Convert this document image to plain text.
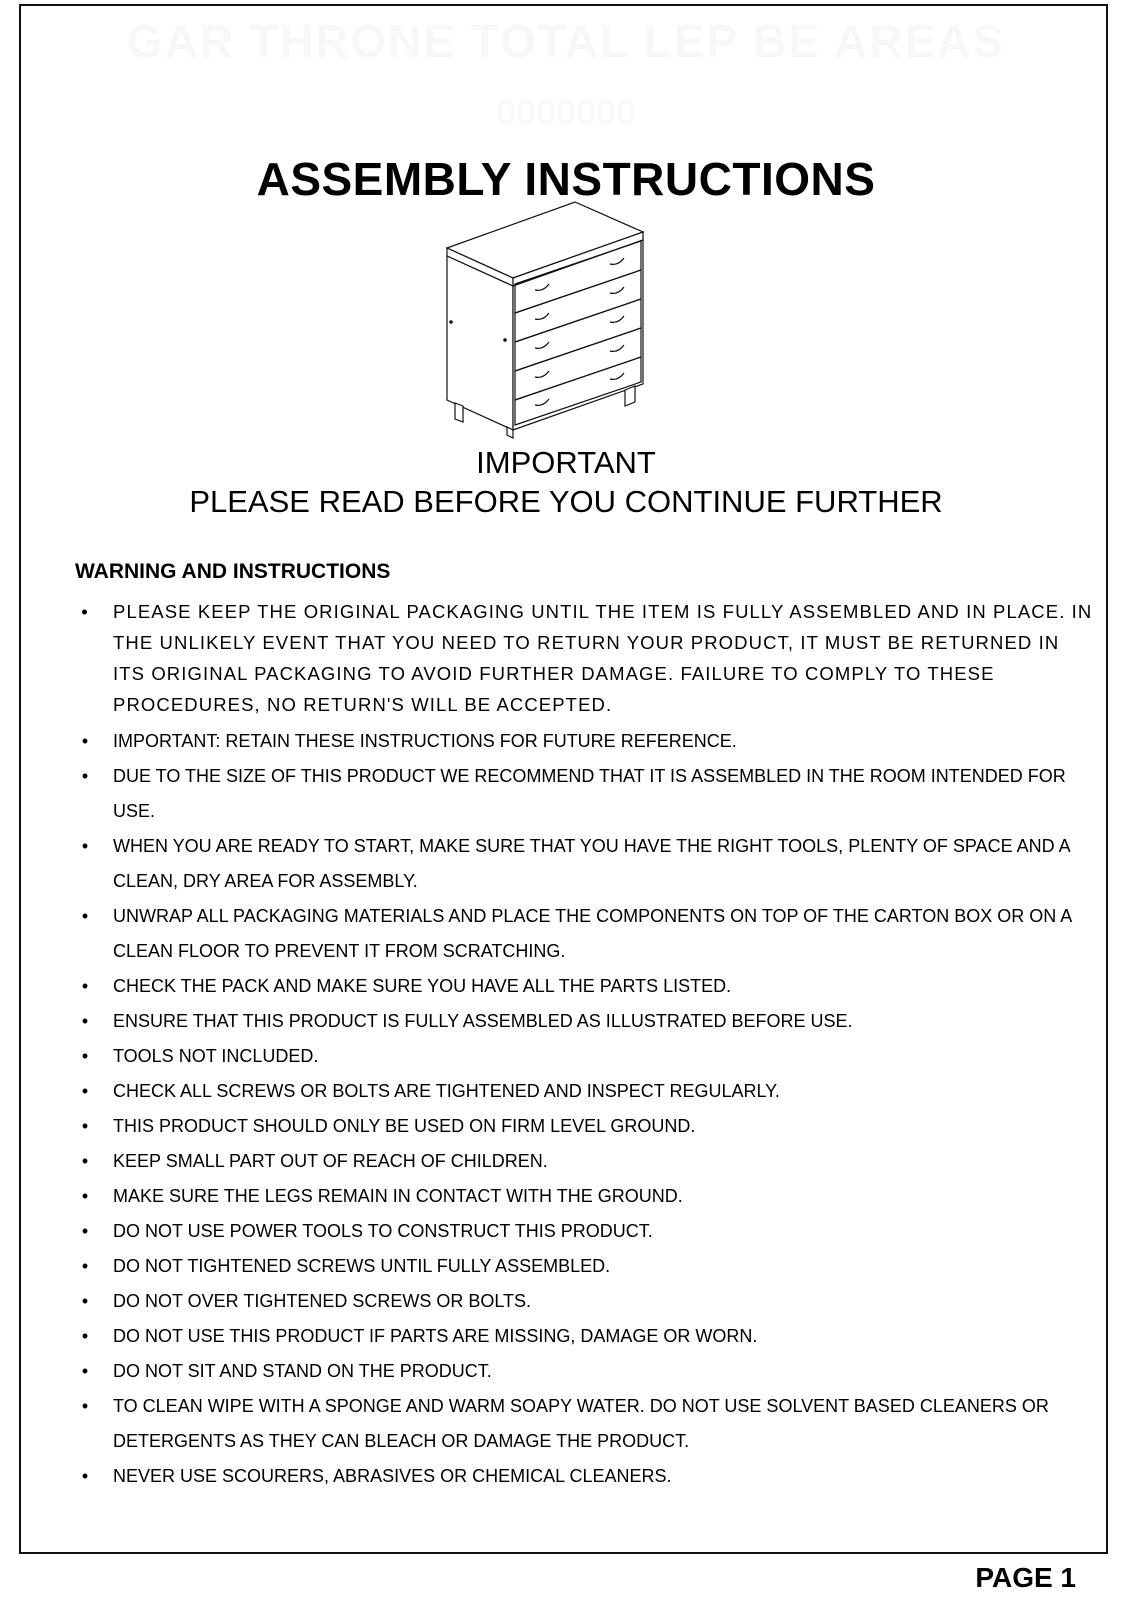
GAR THRONE TOTAL LEP BE AREAS
0000000
ASSEMBLY INSTRUCTIONS
IMPORTANT
PLEASE READ BEFORE YOU CONTINUE FURTHER
WARNING AND INSTRUCTIONS
•	PLEASE KEEP THE ORIGINAL PACKAGING UNTIL THE ITEM IS FULLY ASSEMBLED AND IN PLACE. IN THE UNLIKELY EVENT THAT YOU NEED TO RETURN YOUR PRODUCT, IT MUST BE RETURNED IN ITS ORIGINAL PACKAGING TO AVOID FURTHER DAMAGE. FAILURE TO COMPLY TO THESE PROCEDURES, NO RETURN'S WILL BE ACCEPTED.
•	IMPORTANT: RETAIN THESE INSTRUCTIONS FOR FUTURE REFERENCE.
•	DUE TO THE SIZE OF THIS PRODUCT WE RECOMMEND THAT IT IS ASSEMBLED IN THE ROOM INTENDED FOR USE.
•	WHEN YOU ARE READY TO START, MAKE SURE THAT YOU HAVE THE RIGHT TOOLS, PLENTY OF SPACE AND A CLEAN, DRY AREA FOR ASSEMBLY.
•	UNWRAP ALL PACKAGING MATERIALS AND PLACE THE COMPONENTS ON TOP OF THE CARTON BOX OR ON A CLEAN FLOOR TO PREVENT IT FROM SCRATCHING.
•	CHECK THE PACK AND MAKE SURE YOU HAVE ALL THE PARTS LISTED.
•	ENSURE THAT THIS PRODUCT IS FULLY ASSEMBLED AS ILLUSTRATED BEFORE USE.
•	TOOLS NOT INCLUDED.
•	CHECK ALL SCREWS OR BOLTS ARE TIGHTENED AND INSPECT REGULARLY.
•	THIS PRODUCT SHOULD ONLY BE USED ON FIRM LEVEL GROUND.
•	KEEP SMALL PART OUT OF REACH OF CHILDREN.
•	MAKE SURE THE LEGS REMAIN IN CONTACT WITH THE GROUND.
•	DO NOT USE POWER TOOLS TO CONSTRUCT THIS PRODUCT.
•	DO NOT TIGHTENED SCREWS UNTIL FULLY ASSEMBLED.
•	DO NOT OVER TIGHTENED SCREWS OR BOLTS.
•	DO NOT USE THIS PRODUCT IF PARTS ARE MISSING, DAMAGE OR WORN.
•	DO NOT SIT AND STAND ON THE PRODUCT.
•	TO CLEAN WIPE WITH A SPONGE AND WARM SOAPY WATER. DO NOT USE SOLVENT BASED CLEANERS OR DETERGENTS AS THEY CAN BLEACH OR DAMAGE THE PRODUCT.
•	NEVER USE SCOURERS, ABRASIVES OR CHEMICAL CLEANERS.
PAGE 1
